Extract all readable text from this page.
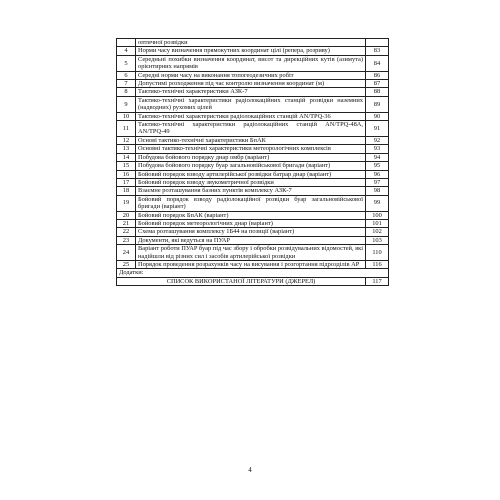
	оптичної розвідки	
4	Норми часу визначення прямокутних координат цілі (репера, розриву)	83
5	Середньні похибки визначення координат, висот та дирекційних кутів (азимута) орієнтирних напрямів	84
6	Середні норми часу на виконання топогеодезичних робіт	86
7	Допустимі розходження під час контролю визначення координат (м)	87
8	Тактико-технічні характеристики АЗК-7	88
9	Тактико-технічні характеристики радіолокаційних станцій розвідки наземних (надводних) рухомих цілей	89
10	Тактико-технічні характеристики радіолокаційних станцій AN/TPQ-36	90
11	Тактико-технічні характеристики радіолокаційних станцій AN/TPQ-48A, AN/TPQ-49	91
12	Основі тактико-технічні характеристики БпАК	92
13	Основні тактико-технічні характеристики метеорологічних комплексів	93
14	Побудова бойового порядку днар омбр (варіант)	94
15	Побудова бойового порядку буар загальновійськової бригади (варіант)	95
16	Бойовий порядок взводу артилерійської розвідки батрар днар (варіант)	96
17	Бойовий порядок взводу звукометричної розвідки	97
18	Взаємне розташування базних пунктів комплексу АЗК-7	98
19	Бойовий порядок взводу радіолокаційної розвідки буар загальновійськової бригади (варіант)	99
20	Бойовий порядок БпАК (варіант)	100
21	Бойовий порядок метеорологічних днар (варіант)	101
22	Схема розташування комплексу 1Б44 на позиції (варіант)	102
23	Документи, які ведуться на ПУАР	103
24	Варіант роботи ПУАР буар під час збору і обробки розвідувальних відомостей, які надійшли від різних сил і засобів артилерійської розвідки	110
25	Порядок проведення розрахунків часу на висування і розгортання підрозділів АР	116
Додатки:		
СПИСОК ВИКОРИСТАНОЇ ЛІТЕРАТУРИ (ДЖЕРЕЛ)		117
4
